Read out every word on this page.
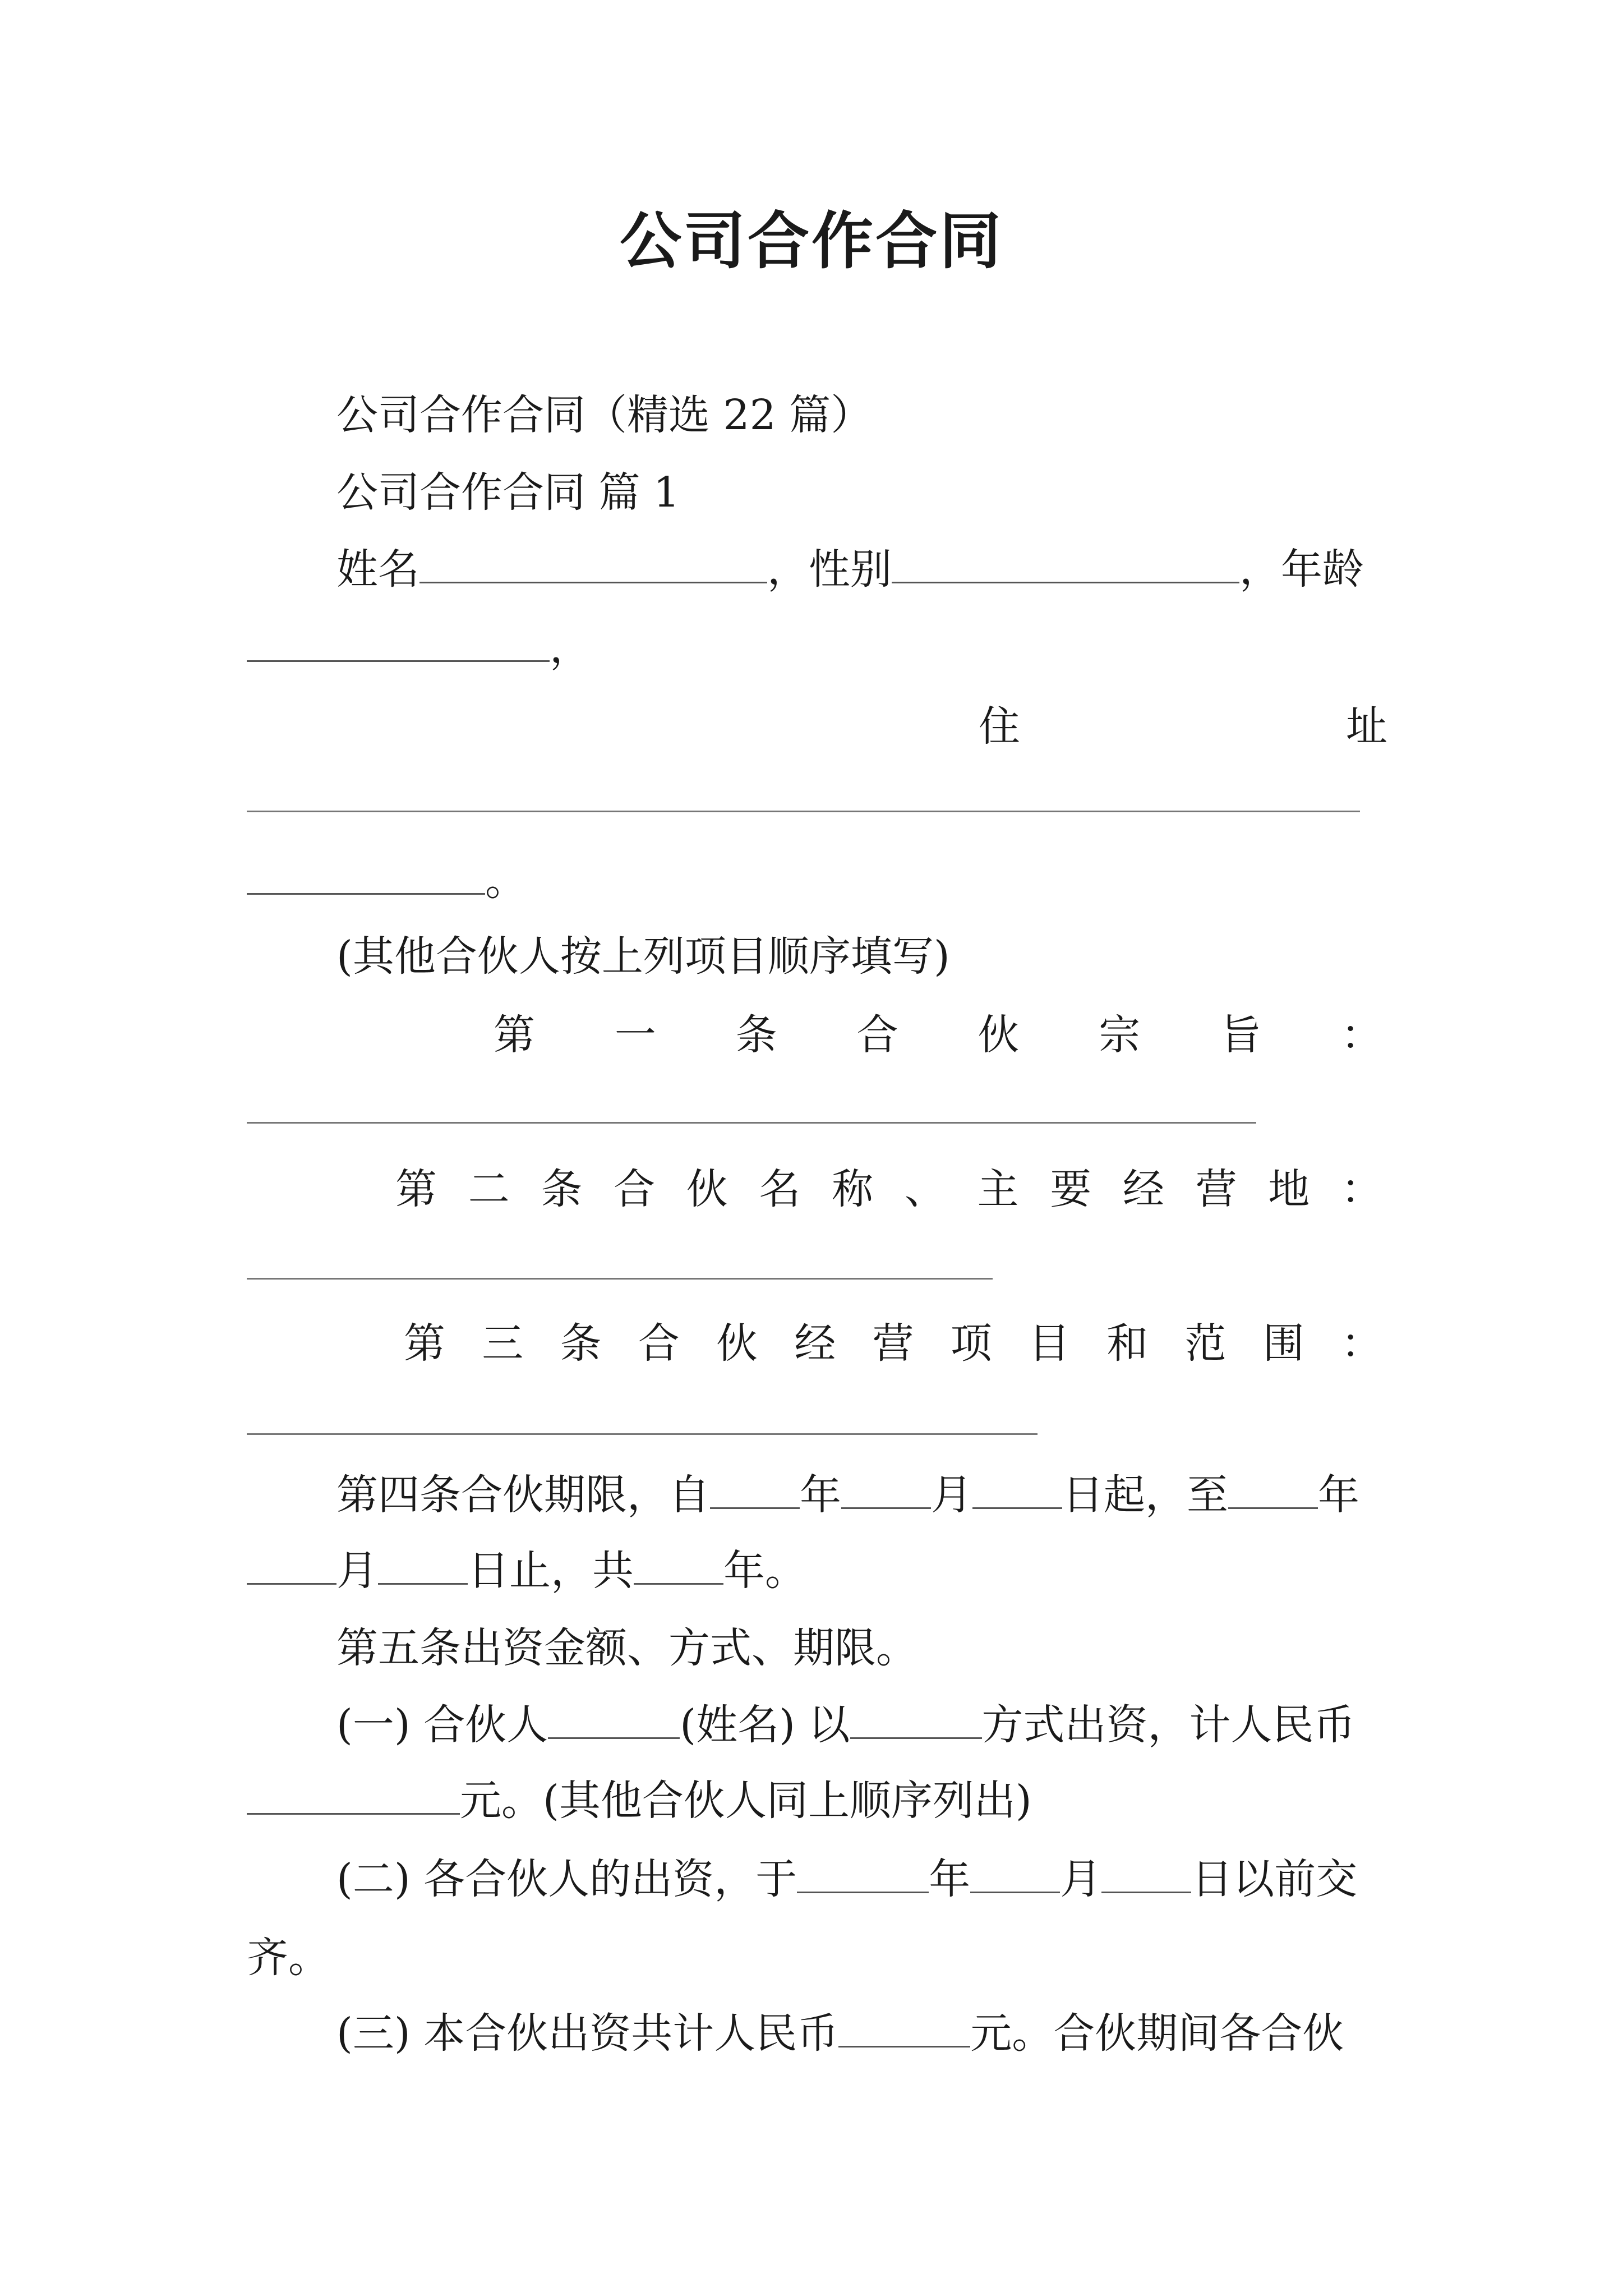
公司合作合同
公司合作合同（精选 22 篇）
公司合作合同 篇 1
姓名	，性别	，年龄
，
住	址
。
(其他合伙人按上列项目顺序填写)
第 一 条 合 伙 宗 旨 ：
第 二 条 合 伙 名 称 、 主 要 经 营 地 ：
第 三 条 合 伙 经 营 项 目 和 范 围 ：
第四条合伙期限，自 年 月 日起，至 年
月 日止，共 年。
第五条出资金额、方式、期限。
(一) 合伙人	(姓名) 以	方式出资，计人民币
元。(其他合伙人同上顺序列出)
(二) 各合伙人的出资，于	年 月 日以前交
齐。
(三) 本合伙出资共计人民币	元。合伙期间各合伙
